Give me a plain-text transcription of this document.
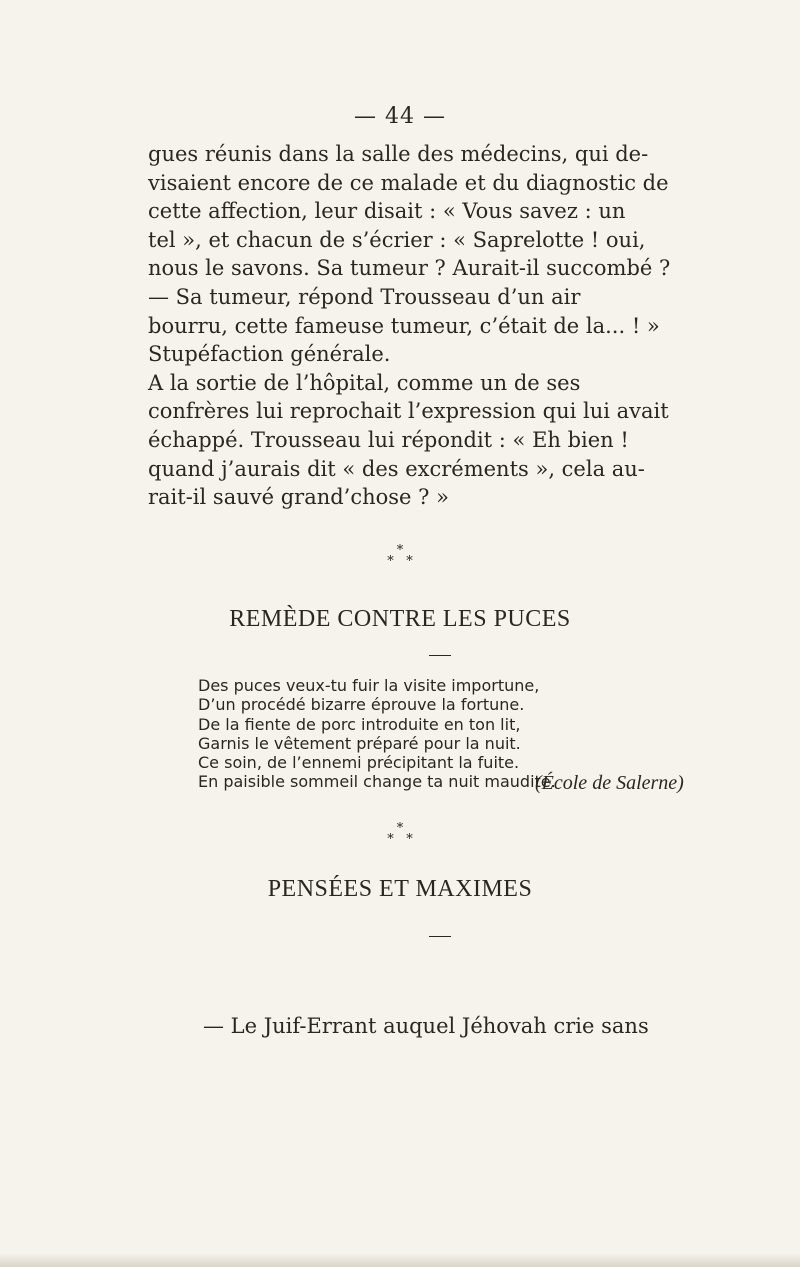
— 44 —

gues réunis dans la salle des médecins, qui de-

visaient encore de ce malade et du diagnostic de

cette affection, leur disait : « Vous savez : un

tel », et chacun de s’écrier : « Saprelotte ! oui,

nous le savons. Sa tumeur ? Aurait-il succombé ?

— Sa tumeur, répond Trousseau d’un air

bourru, cette fameuse tumeur, c’était de la... ! »

Stupéfaction générale.

A la sortie de l’hôpital, comme un de ses

confrères lui reprochait l’expression qui lui avait

échappé. Trousseau lui répondit : « Eh bien !

quand j’aurais dit « des excréments », cela au-

rait-il sauvé grand’chose ? »

*
* *
REMÈDE CONTRE LES PUCES
Des puces veux-tu fuir la visite importune,
D’un procédé bizarre éprouve la fortune.
De la fiente de porc introduite en ton lit,
Garnis le vêtement préparé pour la nuit.
Ce soin, de l’ennemi précipitant la fuite.
En paisible sommeil change ta nuit maudite.
(École de Salerne)
*
* *
PENSÉES ET MAXIMES
— Le Juif-Errant auquel Jéhovah crie sans
